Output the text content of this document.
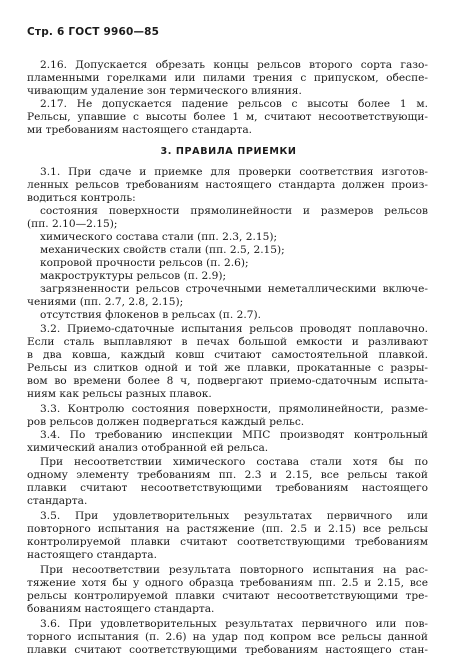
Стр. 6 ГОСТ 9960—85
2.16. Допускается обрезать концы рельсов второго сорта газо-
пламенными горелками или пилами трения с припуском, обеспе-
чивающим удаление зон термического влияния.
2.17. Не допускается падение рельсов с высоты более 1 м.
Рельсы, упавшие с высоты более 1 м, считают несоответствующи-
ми требованиям настоящего стандарта.
3. ПРАВИЛА ПРИЕМКИ
3.1. При сдаче и приемке для проверки соответствия изготов-
ленных рельсов требованиям настоящего стандарта должен произ-
водиться контроль:
состояния поверхности прямолинейности и размеров рельсов
(пп. 2.10—2.15);
химического состава стали (пп. 2.3, 2.15);
механических свойств стали (пп. 2.5, 2.15);
копровой прочности рельсов (п. 2.6);
макроструктуры рельсов (п. 2.9);
загрязненности рельсов строчечными неметаллическими включе-
чениями (пп. 2.7, 2.8, 2.15);
отсутствия флокенов в рельсах (п. 2.7).
3.2. Приемо-сдаточные испытания рельсов проводят поплавочно.
Если сталь выплавляют в печах большой емкости и разливают
в два ковша, каждый ковш считают самостоятельной плавкой.
Рельсы из слитков одной и той же плавки, прокатанные с разры-
вом во времени более 8 ч, подвергают приемо-сдаточным испыта-
ниям как рельсы разных плавок.
3.3. Контролю состояния поверхности, прямолинейности, разме-
ров рельсов должен подвергаться каждый рельс.
3.4. По требованию инспекции МПС производят контрольный
химический анализ отобранной ей рельса.
При несоответствии химического состава стали хотя бы по
одному элементу требованиям пп. 2.3 и 2.15, все рельсы такой
плавки считают несоответствующими требованиям настоящего
стандарта.
3.5. При удовлетворительных результатах первичного или
повторного испытания на растяжение (пп. 2.5 и 2.15) все рельсы
контролируемой плавки считают соответствующими требованиям
настоящего стандарта.
При несоответствии результата повторного испытания на рас-
тяжение хотя бы у одного образца требованиям пп. 2.5 и 2.15, все
рельсы контролируемой плавки считают несоответствующими тре-
бованиям настоящего стандарта.
3.6. При удовлетворительных результатах первичного или пов-
торного испытания (п. 2.6) на удар под копром все рельсы данной
плавки считают соответствующими требованиям настоящего стан-
